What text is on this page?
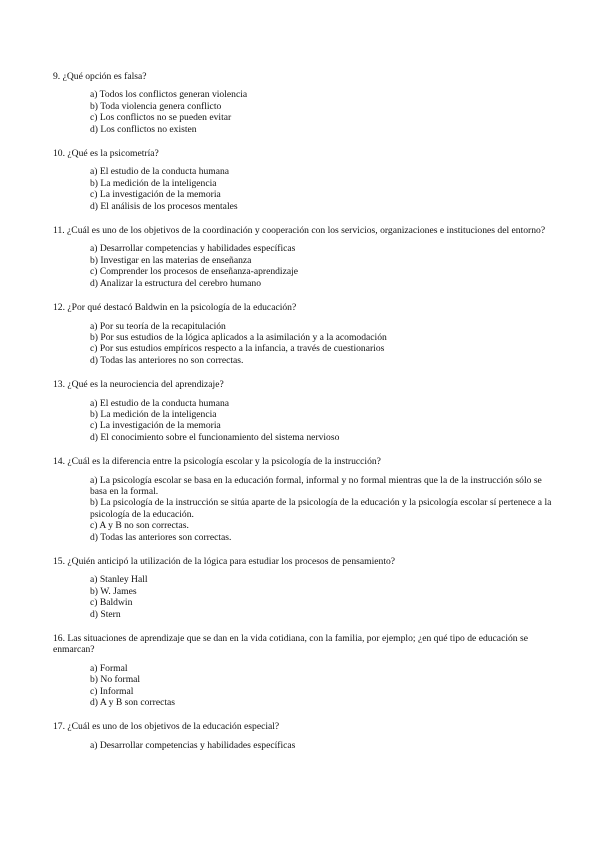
9. ¿Qué opción es falsa?

a) Todos los conflictos generan violencia
b) Toda violencia genera conflicto
c) Los conflictos no se pueden evitar
d) Los conflictos no existen

10. ¿Qué es la psicometría?

a) El estudio de la conducta humana
b) La medición de la inteligencia
c) La investigación de la memoria
d) El análisis de los procesos mentales

11. ¿Cuál es uno de los objetivos de la coordinación y cooperación con los servicios, organizaciones e instituciones del entorno?

a) Desarrollar competencias y habilidades específicas
b) Investigar en las materias de enseñanza
c) Comprender los procesos de enseñanza-aprendizaje
d) Analizar la estructura del cerebro humano

12. ¿Por qué destacó Baldwin en la psicología de la educación?

a) Por su teoría de la recapitulación
b) Por sus estudios de la lógica aplicados a la asimilación y a la acomodación
c) Por sus estudios empíricos respecto a la infancia, a través de cuestionarios
d) Todas las anteriores no son correctas.

13. ¿Qué es la neurociencia del aprendizaje?

a) El estudio de la conducta humana
b) La medición de la inteligencia
c) La investigación de la memoria
d) El conocimiento sobre el funcionamiento del sistema nervioso

14. ¿Cuál es la diferencia entre la psicología escolar y la psicología de la instrucción?

a) La psicología escolar se basa en la educación formal, informal y no formal mientras que la de la instrucción sólo se basa en la formal.
b) La psicología de la instrucción se sitúa aparte de la psicología de la educación y la psicología escolar sí pertenece a la psicología de la educación.
c) A y B no son correctas.
d) Todas las anteriores son correctas.

15. ¿Quién anticipó la utilización de la lógica para estudiar los procesos de pensamiento?

a) Stanley Hall
b) W. James
c) Baldwin
d) Stern

16. Las situaciones de aprendizaje que se dan en la vida cotidiana, con la familia, por ejemplo; ¿en qué tipo de educación se enmarcan?

a) Formal
b) No formal
c) Informal
d) A y B son correctas

17. ¿Cuál es uno de los objetivos de la educación especial?

a) Desarrollar competencias y habilidades específicas
